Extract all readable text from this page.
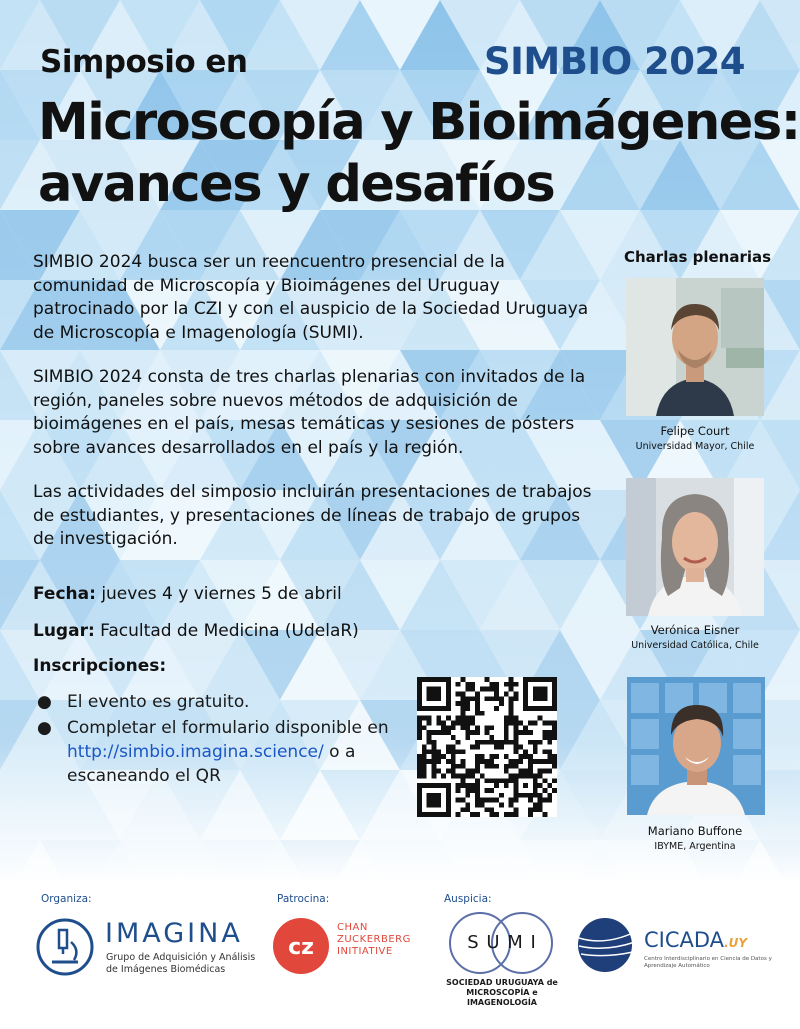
Simposio en	SIMBIO 2024
Microscopía y Bioimágenes:
avances y desafíos
SIMBIO 2024 busca ser un reencuentro presencial de la comunidad de Microscopía y Bioimágenes del Uruguay patrocinado por la CZI y con el auspicio de la Sociedad Uruguaya de Microscopía e Imagenología (SUMI).
SIMBIO 2024 consta de tres charlas plenarias con invitados de la región, paneles sobre nuevos métodos de adquisición de bioimágenes en el país, mesas temáticas y sesiones de pósters sobre avances desarrollados en el país y la región.
Las actividades del simposio incluirán presentaciones de trabajos de estudiantes, y presentaciones de líneas de trabajo de grupos de investigación.
Fecha: jueves 4 y viernes 5 de abril
Lugar: Facultad de Medicina (UdelaR)
Inscripciones:
● El evento es gratuito.
● Completar el formulario disponible en http://simbio.imagina.science/ o a escaneando el QR
Charlas plenarias
Felipe Court
Universidad Mayor, Chile
Verónica Eisner
Universidad Católica, Chile
Mariano Buffone
IBYME, Argentina
Organiza:
IMAGINA
Grupo de Adquisición y Análisis
de Imágenes Biomédicas
Patrocina:
cz
CHAN
ZUCKERBERG
INITIATIVE
Auspicia:
S U M I
SOCIEDAD URUGUAYA de
MICROSCOPÍA e IMAGENOLOGÍA
CICADA.UY
Centro Interdisciplinario en Ciencia de Datos y
Aprendizaje Automático
